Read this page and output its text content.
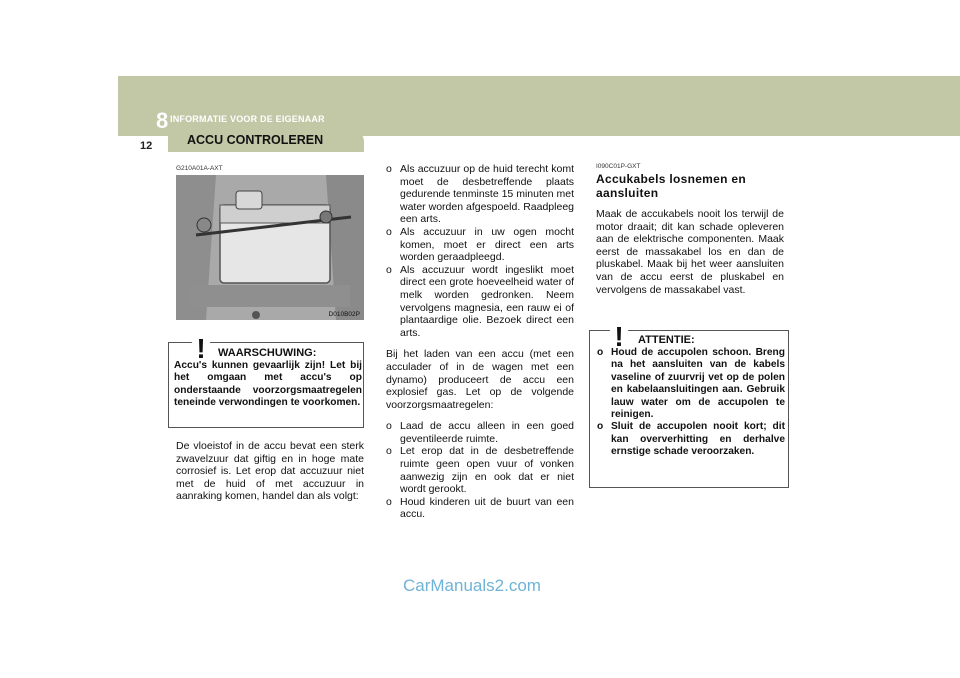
8 INFORMATIE VOOR DE EIGENAAR
12	ACCU CONTROLEREN
G210A01A-AXT
D010B02P
! WAARSCHUWING:
Accu's kunnen gevaarlijk zijn! Let bij het omgaan met accu's op onderstaande voorzorgsmaatregelen teneinde verwondingen te voorkomen.
De vloeistof in de accu bevat een sterk zwavelzuur dat giftig en in hoge mate corrosief is. Let erop dat accuzuur niet met de huid of met accuzuur in aanraking komen, handel dan als volgt:
o Als accuzuur op de huid terecht komt moet de desbetreffende plaats gedurende tenminste 15 minuten met water worden afgespoeld. Raadpleeg een arts.
o Als accuzuur in uw ogen mocht komen, moet er direct een arts worden geraadpleegd.
o Als accuzuur wordt ingeslikt moet direct een grote hoeveelheid water of melk worden gedronken. Neem vervolgens magnesia, een rauw ei of plantaardige olie. Bezoek direct een arts.

Bij het laden van een accu (met een acculader of in de wagen met een dynamo) produceert de accu een explosief gas. Let op de volgende voorzorgsmaatregelen:

o Laad de accu alleen in een goed geventileerde ruimte.
o Let erop dat in de desbetreffende ruimte geen open vuur of vonken aanwezig zijn en ook dat er niet wordt gerookt.
o Houd kinderen uit de buurt van een accu.
I090C01P-GXT
Accukabels losnemen en aansluiten
Maak de accukabels nooit los terwijl de motor draait; dit kan schade opleveren aan de elektrische componenten. Maak eerst de massakabel los en dan de pluskabel. Maak bij het weer aansluiten van de accu eerst de pluskabel en vervolgens de massakabel vast.
! ATTENTIE:
o Houd de accupolen schoon. Breng na het aansluiten van de kabels vaseline of zuurvrij vet op de polen en kabelaansluitingen aan. Gebruik lauw water om de accupolen te reinigen.
o Sluit de accupolen nooit kort; dit kan oververhitting en derhalve ernstige schade veroorzaken.
CarManuals2.com
